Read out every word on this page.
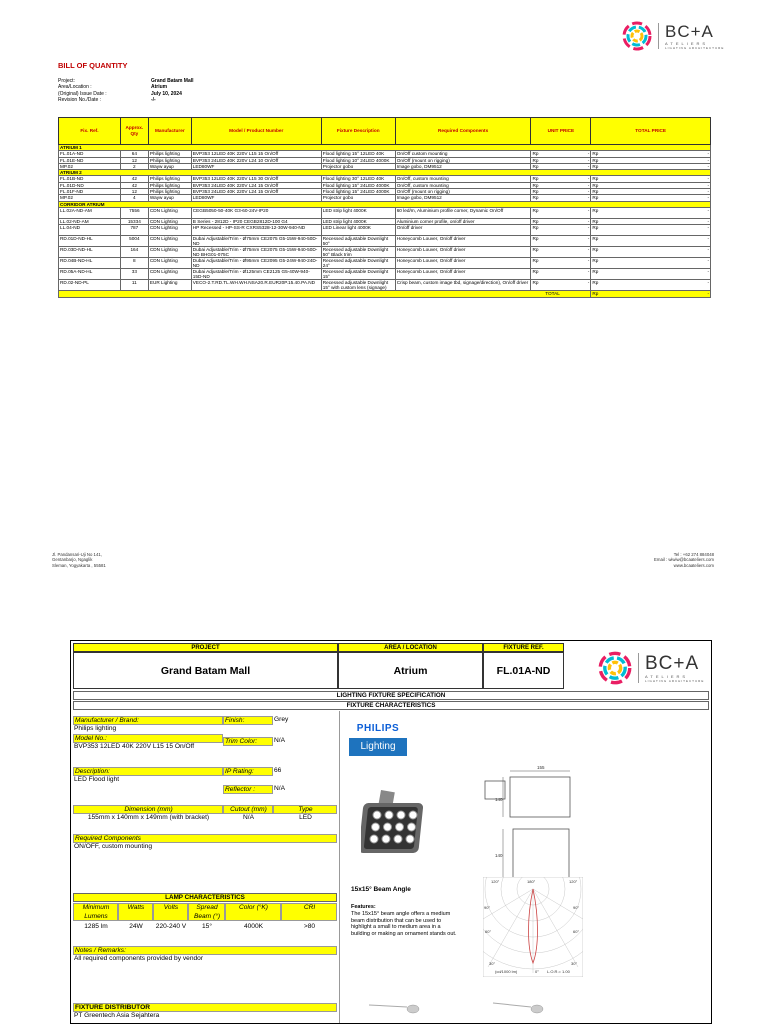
BC+A
ATELIERS
LIGHTING ARCHITECTURE
BILL OF QUANTITY
Project:	Grand Batam Mall
Area/Location :	Atrium
(Original) Issue Date :	July 10, 2024
Revision No./Date :	-/-
Fix. Ref.	Approx. Qty	Manufacturer	Model / Product Number	Fixture Description	Required Components	UNIT PRICE		TOTAL PRICE	
ATRIUM 1									
FL.01A-ND	64	Philips lighting	BVP353 12LED 40K 220V L15 15 On/Off	Flood lighting 15° 12LED 40K	On/Off custom mounting	Rp	-	Rp	-
FL.01E-ND	12	Philips lighting	BVP353 24LED 40K 220V L24 10 On/Off	Flood lighting 10° 24LED 4000K	On/Off (mount on rigging)	Rp	-	Rp	-
MP.02	2	Wayw ayup	LED80WF	Projector gobo	Image gobo, DM9512	Rp	-	Rp	-
ATRIUM 2									
FL.01B-ND	42	Philips lighting	BVP353 12LED 40K 220V L15 30 On/Off	Flood lighting 30° 12LED 40K	On/Off, custom mounting	Rp	-	Rp	-
FL.01D-ND	42	Philips lighting	BVP353 24LED 40K 220V L24 15 On/Off	Flood lighting 15° 24LED 4000K	On/Off, custom mounting	Rp	-	Rp	-
FL.01F-ND	12	Philips lighting	BVP353 24LED 40K 220V L24 15 On/Off	Flood lighting 15° 24LED 4000K	On/Off (mount on rigging)	Rp	-	Rp	-
MP.02	4	Wayw ayup	LED80WF	Projector gobo	Image gobo, DM9512	Rp	-	Rp	-
CORRIDOR ATRIUM									
LL.02A-ND-AM	7556	CDN Lighting	CEGB5050-50-40K G3-60-24V-IP20	LED strip light 4000K	60 led/m, Aluminium profile corner, Dynamic On/Off	Rp	-	Rp	-
LL.02-ND-AM	15334	CDN Lighting	B Series - 2812D - IP20 CEGB2812D-100 G4	LED strip light 4000K	Aluminium corner profile, on/off driver	Rp	-	Rp	-
LL.04-ND	787	CDN Lighting	HP Recessed - HP-SS-R CXRS5328-12-30W-940-ND	LED Linear light 4000K	On/off driver	Rp	-	Rp	-
RD.01D-ND-HL	5004	CDN Lighting	Dubai Adjustable/Trim - Ø75mm CE2075 G5-15W-940-50D-ND	Recessed adjustable Downlight 50°	Honeycomb Louver, On/off driver	Rp	-	Rp	-
RD.03D-ND-HL	164	CDN Lighting	Dubai Adjustable/Trim - Ø75mm CE2075 G5-15W-940-50D-ND BHG01-075C	Recessed adjustable Downlight 50° Black trim	Honeycomb Louver, On/off driver	Rp	-	Rp	-
RD.04B-ND-HL	8	CDN Lighting	Dubai Adjustable/Trim - Ø95mm CE2095 G5-24W-940-24D-ND	Recessed adjustable Downlight 24°	Honeycomb Louver, On/off driver	Rp	-	Rp	-
RD.05A-ND-HL	33	CDN Lighting	Dubai Adjustable/Trim - Ø125mm CE2125 G5-40W-940-15D-ND	Recessed adjustable Downlight 15°	Honeycomb Louver, On/off driver	Rp	-	Rp	-
RD.02-ND-PL	11	EUR Lighting	VECO-2.T.RD.TL.WH.WH.NSA20.R.EUR20P.15.40.PA.ND	Recessed adjustable Downlight 15° with custom lens (signage)	Crisp beam, custom image tbd, signage/direction), On/off driver	Rp	-	Rp	-
TOTAL								Rp	-
Jl. Pandansari-Uji No 141,
Gentanbarjo, Ngaglik
Sleman, Yogyakarta , 55581
Tel : +62 274 884048
Email : wiwiw@bcaateliers.com
www.bcaateliers.com
PROJECT	AREA / LOCATION	FIXTURE REF.
Grand Batam Mall	Atrium	FL.01A-ND	BC+A
ATELIERS
LIGHTING ARCHITECTURE
LIGHTING FIXTURE SPECIFICATION
FIXTURE CHARACTERISTICS
Manufacturer / Brand:
Philips lighting
Model No.:
BVP353 12LED 40K 220V L15 15 On/Off
Finish:	Grey
Trim Color:	N/A
Description:
LED Flood light
IP Rating:	66
Reflector :	N/A
Dimension (mm)	Cutout (mm)	Type
155mm x 140mm x 149mm (with bracket)	N/A	LED
Required Components
ON/OFF, custom mounting
LAMP CHARACTERISTICS
Minimum Lumens
1285 lm
Watts
24W
Volts
220-240 V
Spread Beam (°)
15°
Color (°K)
4000K
CRI
>80
Notes / Remarks:
All required components provided by vendor
FIXTURE DISTRIBUTOR
PT Greentech Asia Sejahtera
PHILIPS
Lighting
155
140
140
15x15° Beam Angle
Features:
The 15x15° beam angle offers a medium beam distribution that can be used to highlight a small to medium area in a building or making an ornament stands out.
120°	180°	120°
90°	90°
60°	60°
30°	30°
0°
(cd/1000 lm)	L.O.R.= 1.00
